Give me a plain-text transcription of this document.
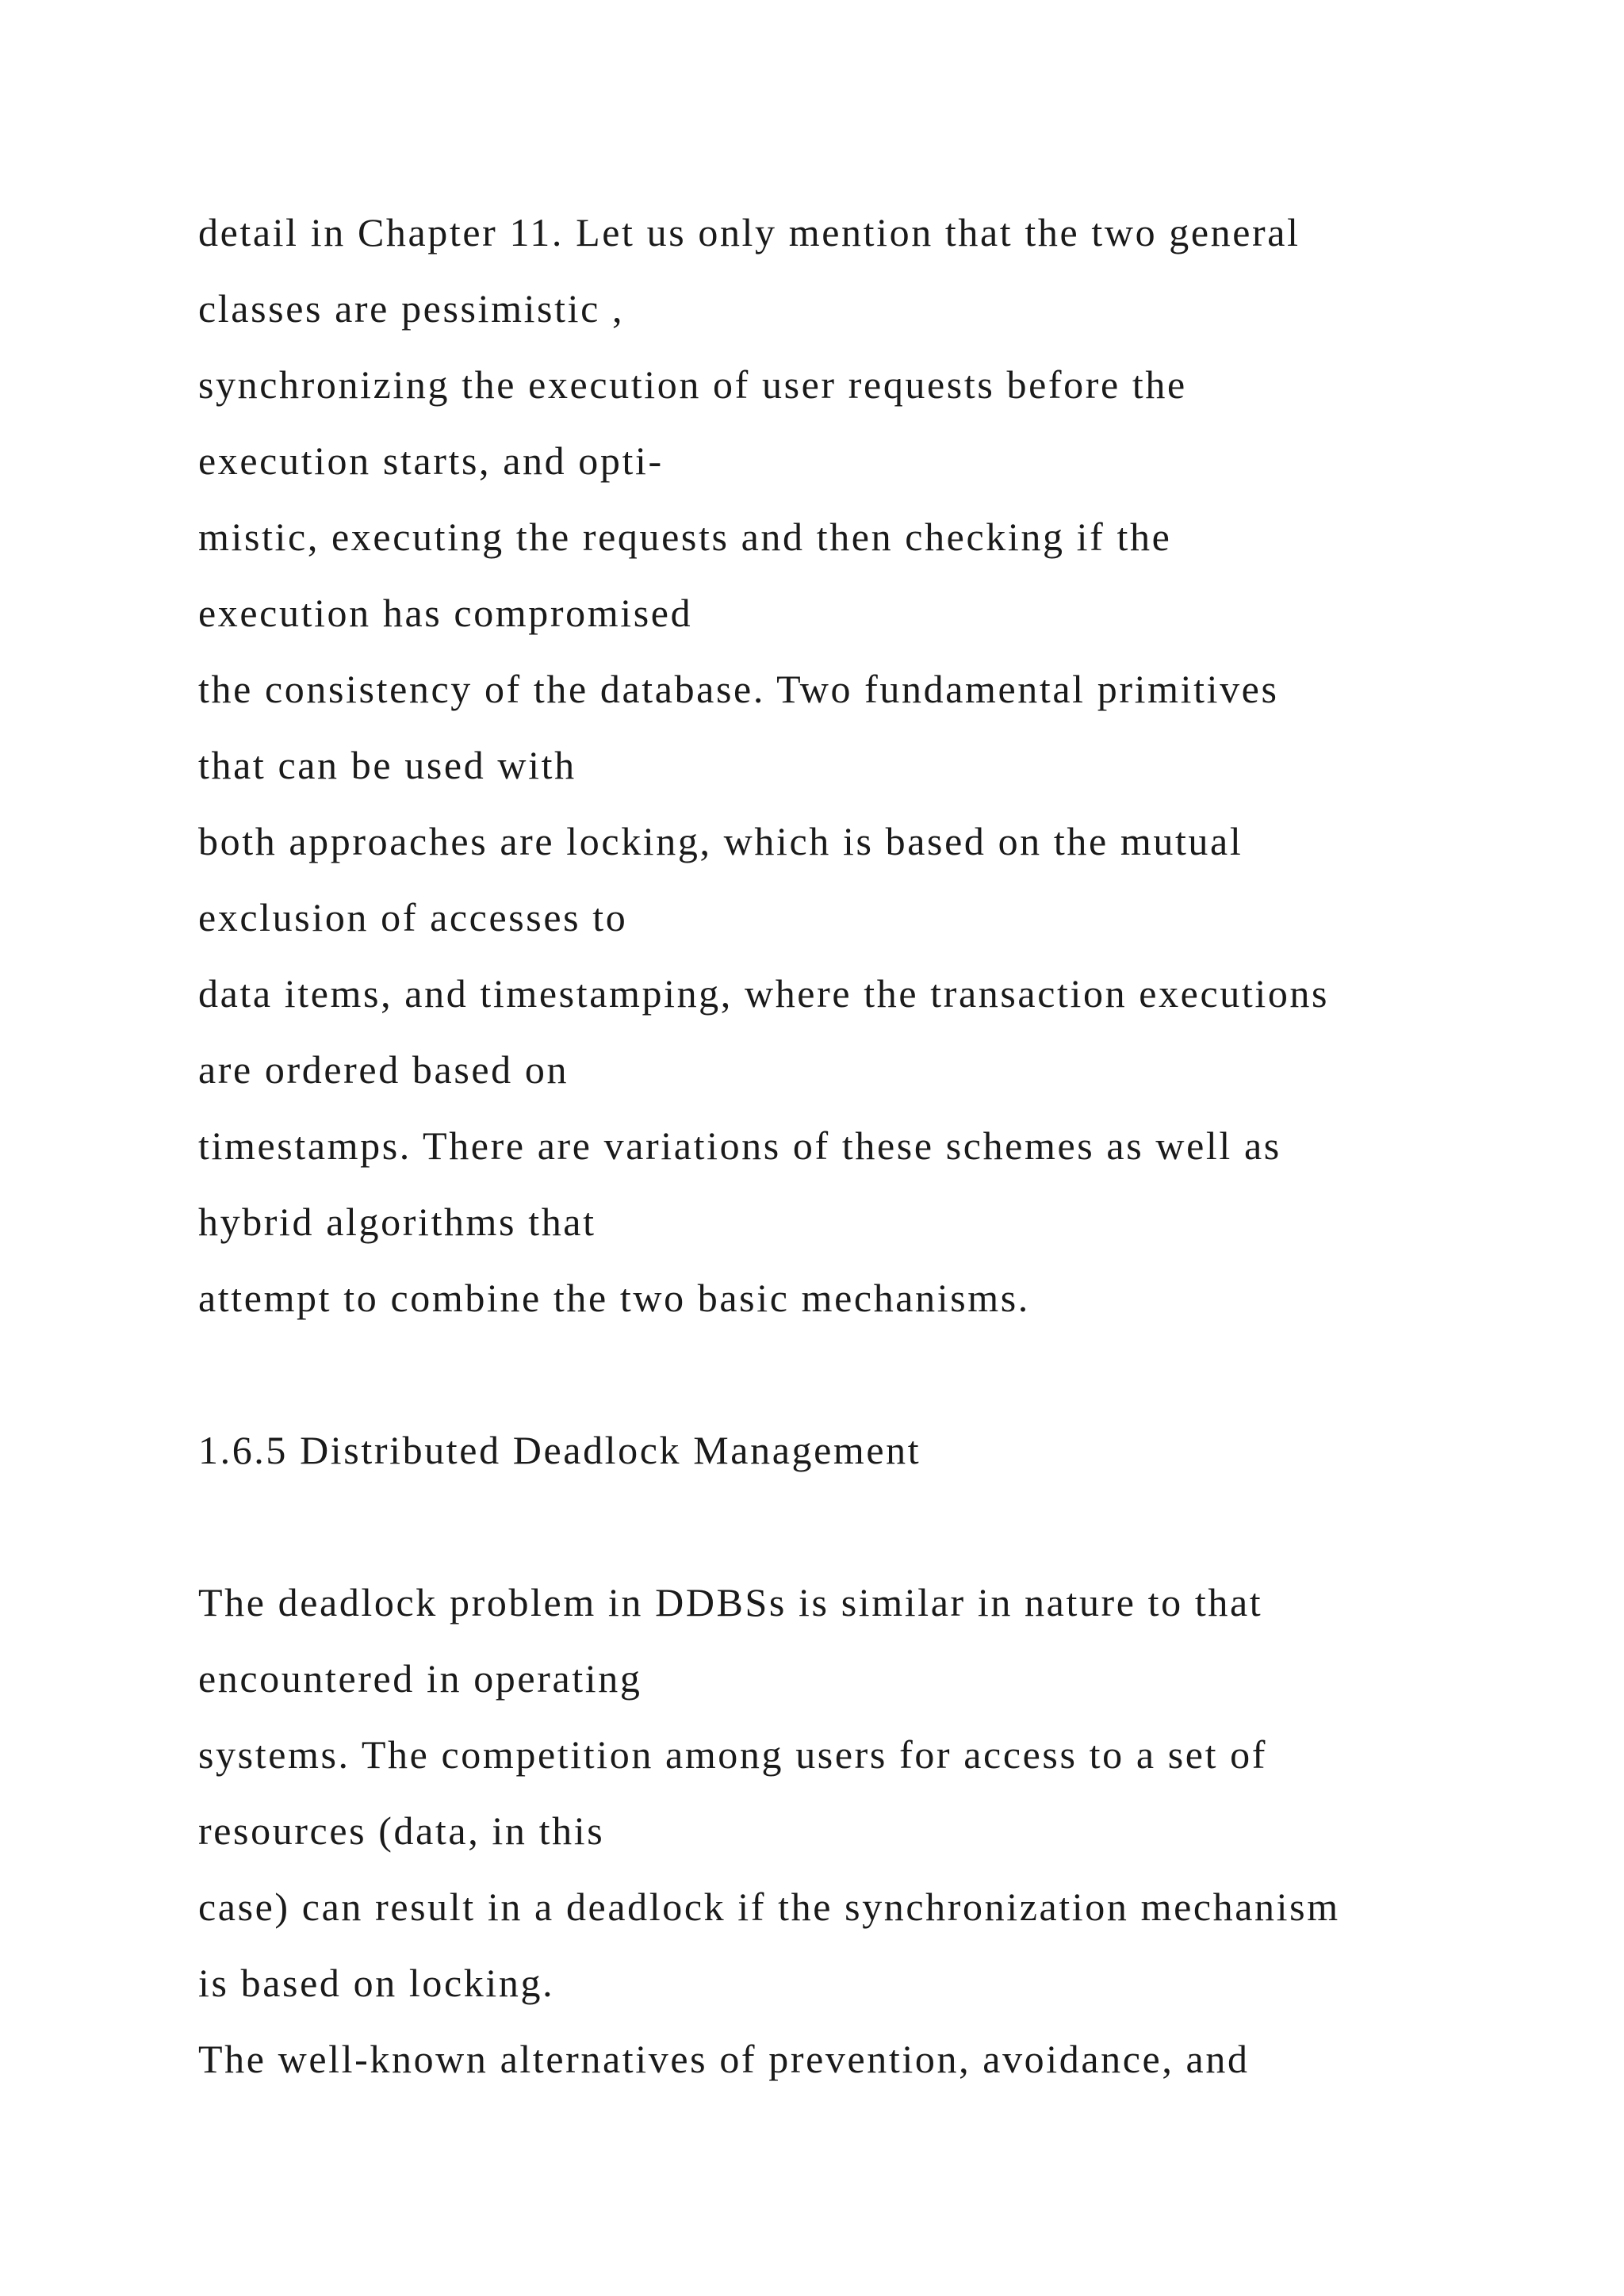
detail in Chapter 11. Let us only mention that the two general
classes are pessimistic ,
synchronizing the execution of user requests before the
execution starts, and opti-
mistic, executing the requests and then checking if the
execution has compromised
the consistency of the database. Two fundamental primitives
that can be used with
both approaches are locking, which is based on the mutual
exclusion of accesses to
data items, and timestamping, where the transaction executions
are ordered based on
timestamps. There are variations of these schemes as well as
hybrid algorithms that
attempt to combine the two basic mechanisms.
1.6.5 Distributed Deadlock Management
The deadlock problem in DDBSs is similar in nature to that
encountered in operating
systems. The competition among users for access to a set of
resources (data, in this
case) can result in a deadlock if the synchronization mechanism
is based on locking.
The well-known alternatives of prevention, avoidance, and
